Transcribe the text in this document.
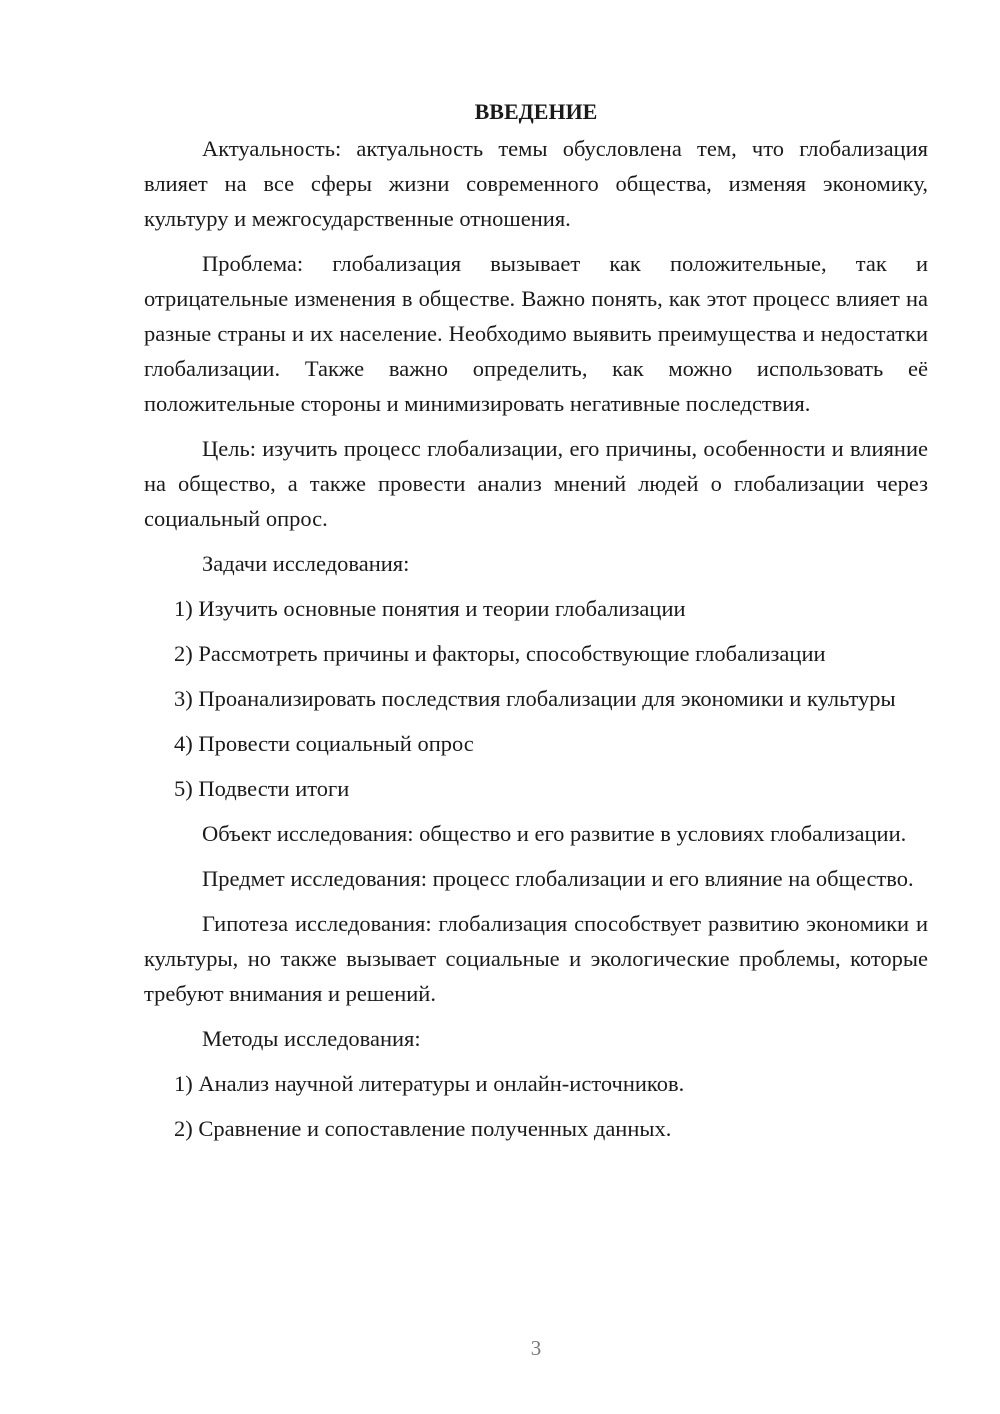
ВВЕДЕНИЕ

Актуальность: актуальность темы обусловлена тем, что глобализация влияет на все сферы жизни современного общества, изменяя экономику, культуру и межгосударственные отношения.

Проблема: глобализация вызывает как положительные, так и отрицательные изменения в обществе. Важно понять, как этот процесс влияет на разные страны и их население. Необходимо выявить преимущества и недостатки глобализации. Также важно определить, как можно использовать её положительные стороны и минимизировать негативные последствия.

Цель: изучить процесс глобализации, его причины, особенности и влияние на общество, а также провести анализ мнений людей о глобализации через социальный опрос.

Задачи исследования:
1) Изучить основные понятия и теории глобализации
2) Рассмотреть причины и факторы, способствующие глобализации

3) Проанализировать последствия глобализации для экономики и культуры

4) Провести социальный опрос
5) Подвести итоги

Объект исследования: общество и его развитие в условиях глобализации.

Предмет исследования: процесс глобализации и его влияние на общество.

Гипотеза исследования: глобализация способствует развитию экономики и культуры, но также вызывает социальные и экологические проблемы, которые требуют внимания и решений.

Методы исследования:
1) Анализ научной литературы и онлайн-источников.
2) Сравнение и сопоставление полученных данных.
3
